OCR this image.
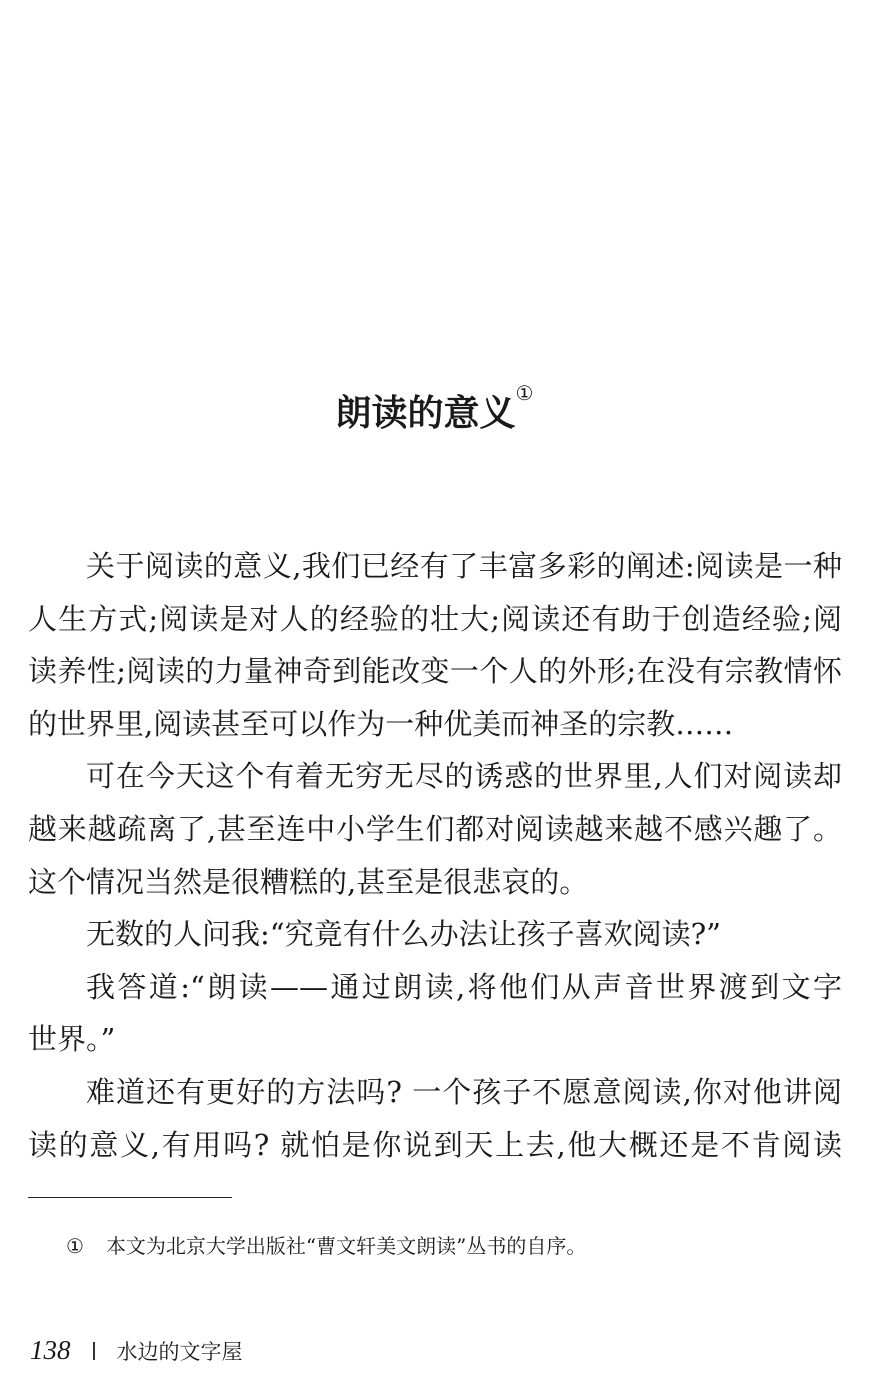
朗读的意义①
关于阅读的意义,我们已经有了丰富多彩的阐述:阅读是一种
人生方式;阅读是对人的经验的壮大;阅读还有助于创造经验;阅
读养性;阅读的力量神奇到能改变一个人的外形;在没有宗教情怀
的世界里,阅读甚至可以作为一种优美而神圣的宗教……
可在今天这个有着无穷无尽的诱惑的世界里,人们对阅读却
越来越疏离了,甚至连中小学生们都对阅读越来越不感兴趣了。
这个情况当然是很糟糕的,甚至是很悲哀的。
无数的人问我:“究竟有什么办法让孩子喜欢阅读?”
我答道:“朗读——通过朗读,将他们从声音世界渡到文字
世界。”
难道还有更好的方法吗? 一个孩子不愿意阅读,你对他讲阅
读的意义,有用吗? 就怕是你说到天上去,他大概还是不肯阅读
① 本文为北京大学出版社“曹文轩美文朗读”丛书的自序。
138 水边的文字屋
